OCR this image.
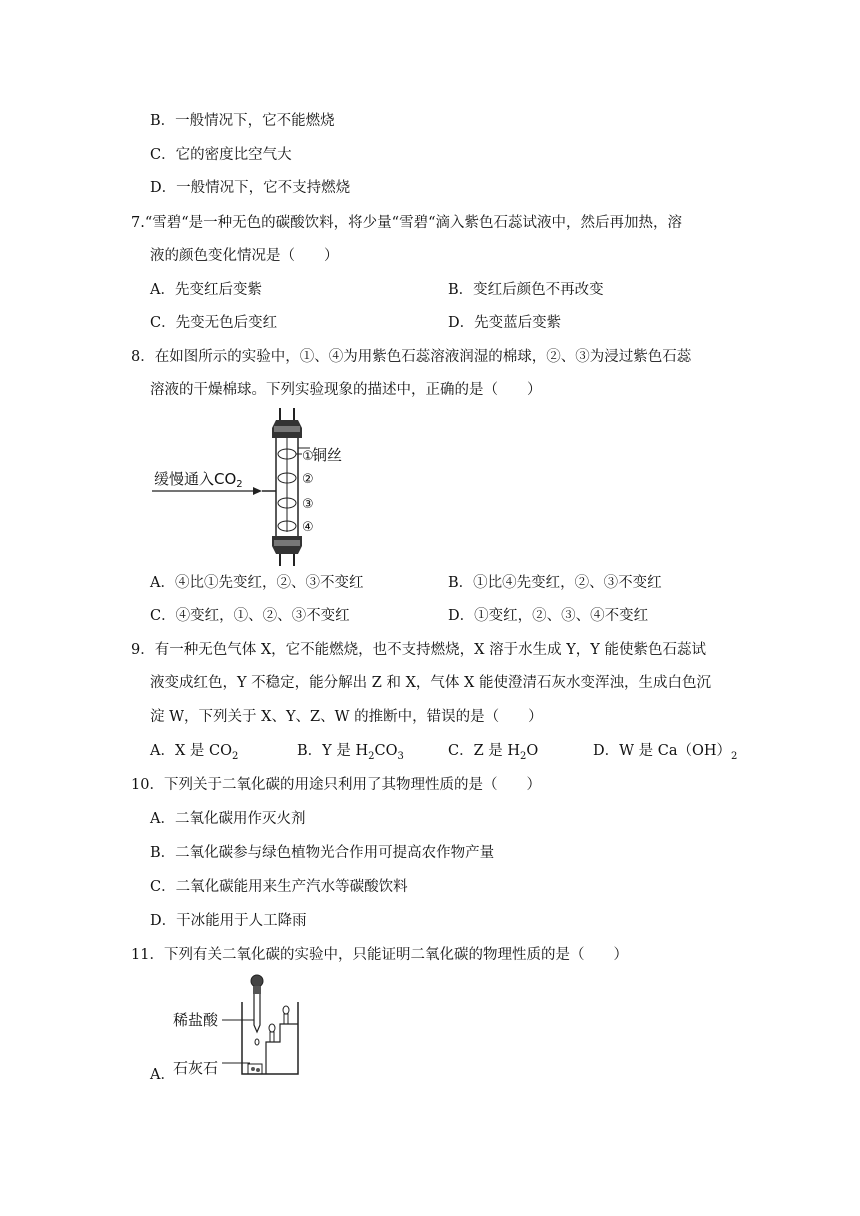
B．一般情况下，它不能燃烧
C．它的密度比空气大
D．一般情况下，它不支持燃烧
7.“雪碧“是一种无色的碳酸饮料，将少量“雪碧“滴入紫色石蕊试液中，然后再加热，溶
液的颜色变化情况是（　　）
A．先变红后变紫	B．变红后颜色不再改变
C．先变无色后变红	D．先变蓝后变紫
8．在如图所示的实验中，①、④为用紫色石蕊溶液润湿的棉球，②、③为浸过紫色石蕊
溶液的干燥棉球。下列实验现象的描述中，正确的是（　　）
缓慢通入$CO_2$
铜丝
①
②
③
④
A．④比①先变红，②、③不变红	B．①比④先变红，②、③不变红
C．④变红，①、②、③不变红	D．①变红，②、③、④不变红
9．有一种无色气体 X，它不能燃烧，也不支持燃烧，X 溶于水生成 Y，Y 能使紫色石蕊试
液变成红色，Y 不稳定，能分解出 Z 和 X，气体 X 能使澄清石灰水变浑浊，生成白色沉
淀 W，下列关于 X、Y、Z、W 的推断中，错误的是（　　）
A．X 是 $CO_2$	B．Y 是 $H_2CO_3$	C．Z 是 $H_2O$	D．W 是 $Ca(OH)_2$
10．下列关于二氧化碳的用途只利用了其物理性质的是（　　）
A．二氧化碳用作灭火剂
B．二氧化碳参与绿色植物光合作用可提高农作物产量
C．二氧化碳能用来生产汽水等碳酸饮料
D．干冰能用于人工降雨
11．下列有关二氧化碳的实验中，只能证明二氧化碳的物理性质的是（　　）
A．
稀盐酸
石灰石
